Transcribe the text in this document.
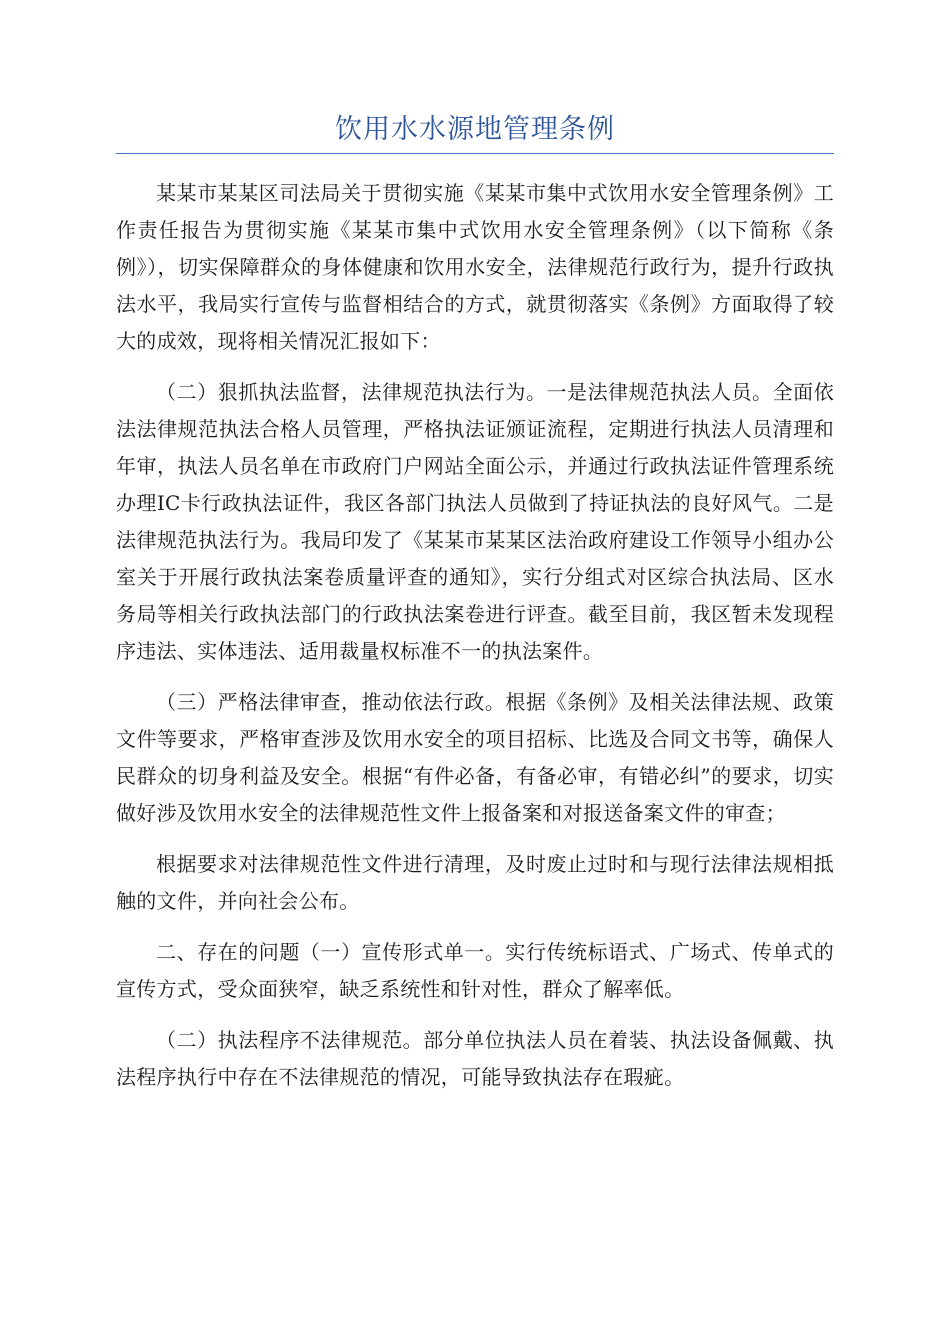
饮用水水源地管理条例

某某市某某区司法局关于贯彻实施《某某市集中式饮用水安全管理条例》工作责任报告为贯彻实施《某某市集中式饮用水安全管理条例》（以下简称《条例》），切实保障群众的身体健康和饮用水安全，法律规范行政行为，提升行政执法水平，我局实行宣传与监督相结合的方式，就贯彻落实《条例》方面取得了较大的成效，现将相关情况汇报如下：

（二）狠抓执法监督，法律规范执法行为。一是法律规范执法人员。全面依法法律规范执法合格人员管理，严格执法证颁证流程，定期进行执法人员清理和年审，执法人员名单在市政府门户网站全面公示，并通过行政执法证件管理系统办理IC卡行政执法证件，我区各部门执法人员做到了持证执法的良好风气。二是法律规范执法行为。我局印发了《某某市某某区法治政府建设工作领导小组办公室关于开展行政执法案卷质量评查的通知》，实行分组式对区综合执法局、区水务局等相关行政执法部门的行政执法案卷进行评查。截至目前，我区暂未发现程序违法、实体违法、适用裁量权标准不一的执法案件。

（三）严格法律审查，推动依法行政。根据《条例》及相关法律法规、政策文件等要求，严格审查涉及饮用水安全的项目招标、比选及合同文书等，确保人民群众的切身利益及安全。根据“有件必备，有备必审，有错必纠”的要求，切实做好涉及饮用水安全的法律规范性文件上报备案和对报送备案文件的审查；

根据要求对法律规范性文件进行清理，及时废止过时和与现行法律法规相抵触的文件，并向社会公布。

二、存在的问题（一）宣传形式单一。实行传统标语式、广场式、传单式的宣传方式，受众面狭窄，缺乏系统性和针对性，群众了解率低。

（二）执法程序不法律规范。部分单位执法人员在着装、执法设备佩戴、执法程序执行中存在不法律规范的情况，可能导致执法存在瑕疵。
